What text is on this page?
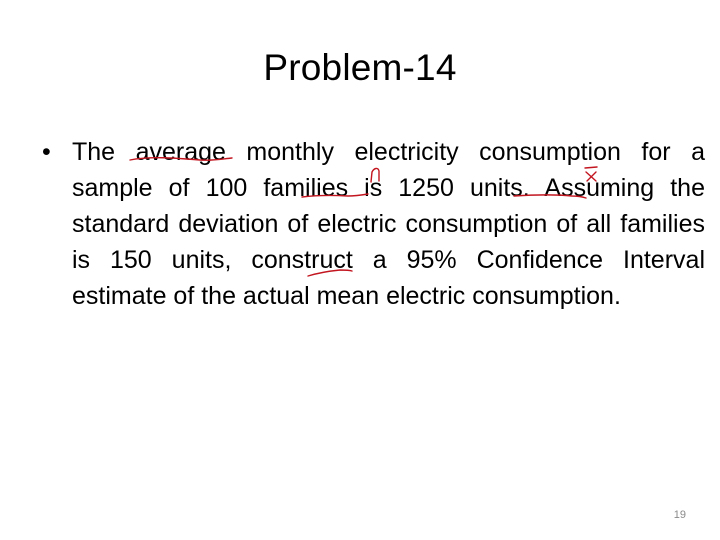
Problem-14
• The average monthly electricity consumption for a sample of 100 families is 1250 units. Assuming the standard deviation of electric consumption of all families is 150 units, construct a 95% Confidence Interval estimate of the actual mean electric consumption.
19
